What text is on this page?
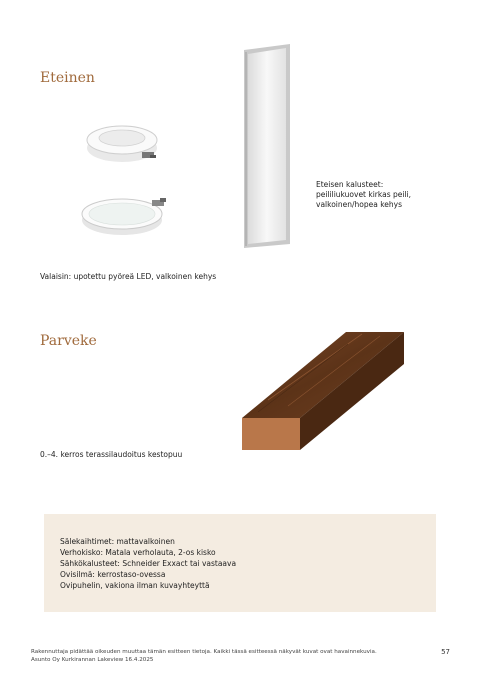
Eteinen

Eteisen kalusteet:
peililiukuovet kirkas peili,
valkoinen/hopea kehys

Valaisin: upotettu pyöreä LED, valkoinen kehys

Parveke

0.–4. kerros terassilaudoitus kestopuu

Sälekaihtimet: mattavalkoinen
Verhokisko: Matala verholauta, 2-os kisko
Sähkökalusteet: Schneider Exxact tai vastaava
Ovisilmä: kerrostaso-ovessa
Ovipuhelin, vakiona ilman kuvayhteyttä
Rakennuttaja pidättää oikeuden muuttaa tämän esitteen tietoja. Kaikki tässä esitteessä näkyvät kuvat ovat havainnekuvia.
Asunto Oy Kurkirannan Lakeview 16.4.2025
57
